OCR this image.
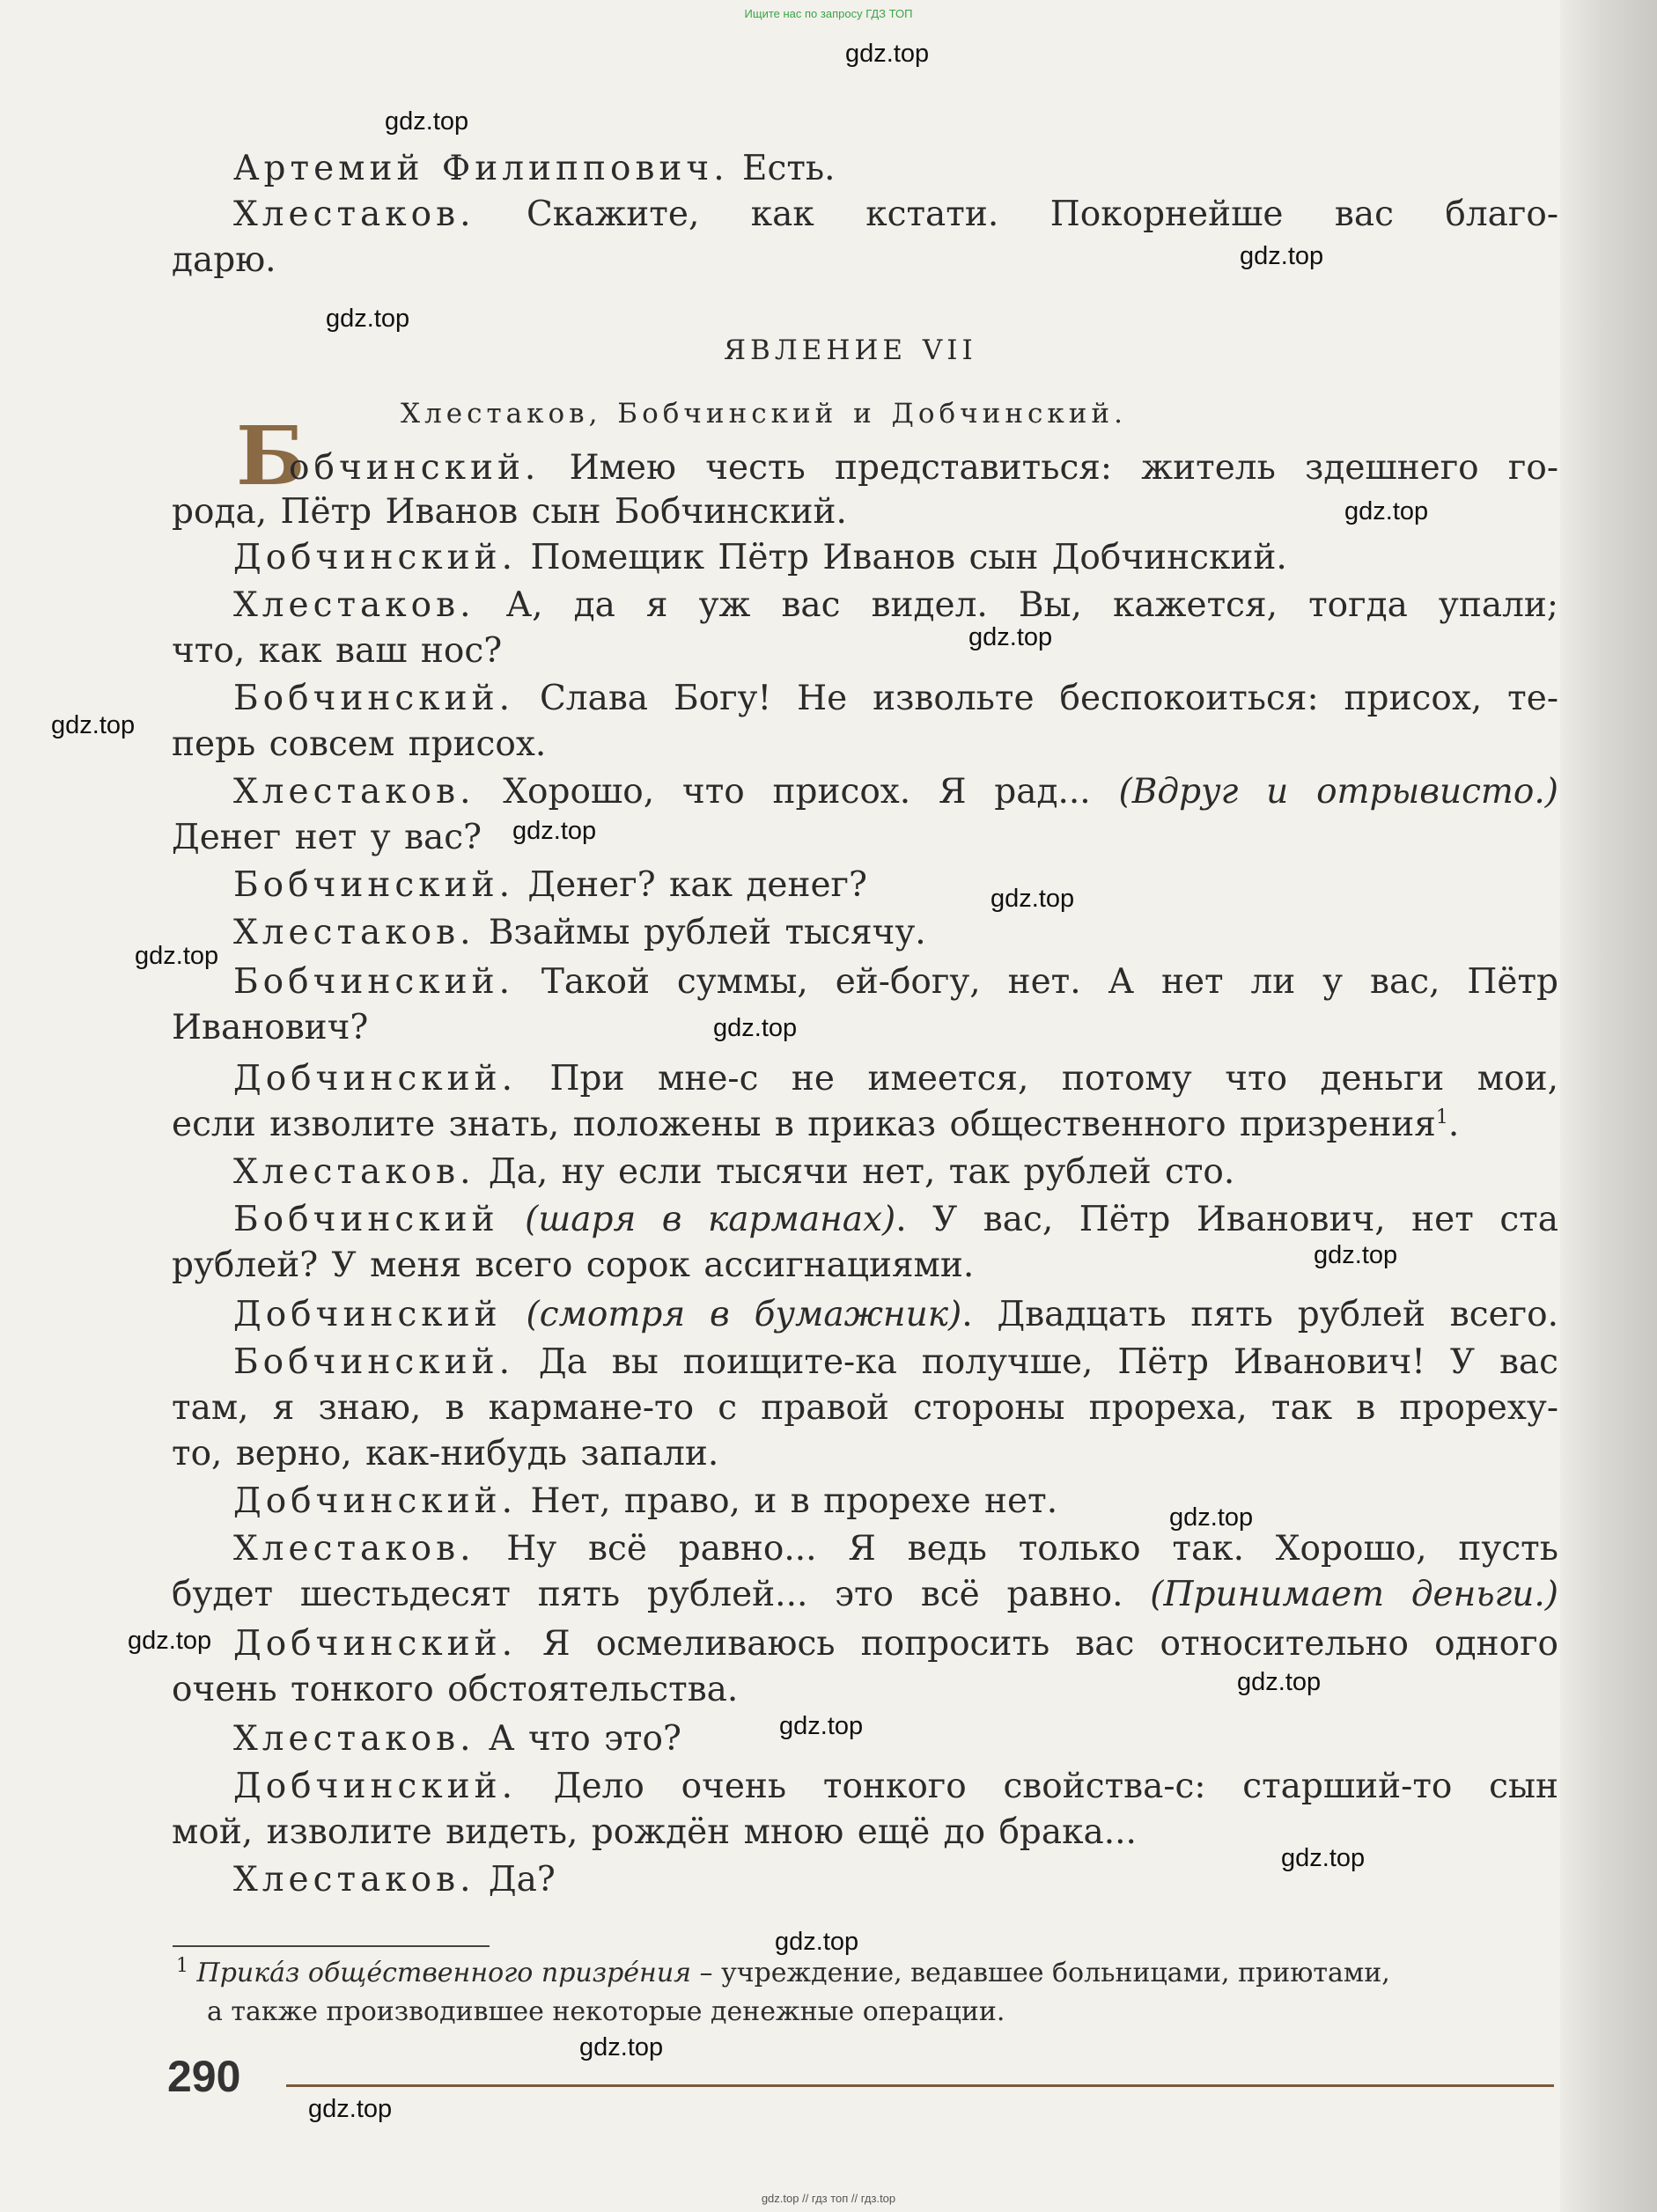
Ищите нас по запросу ГДЗ ТОП
gdz.top
gdz.top
gdz.top
gdz.top
gdz.top
gdz.top
gdz.top
gdz.top
gdz.top
gdz.top
gdz.top
gdz.top
gdz.top
gdz.top
gdz.top
gdz.top
gdz.top
gdz.top
gdz.top
gdz.top
Артемий Филиппович. Есть.
Хлестаков. Скажите, как кстати. Покорнейше вас благо-
дарю.
ЯВЛЕНИЕ VII
Хлестаков, Бобчинский и Добчинский.
Б
обчинский. Имею честь представиться: житель здешнего го-
рода, Пётр Иванов сын Бобчинский.
Добчинский. Помещик Пётр Иванов сын Добчинский.
Хлестаков. А, да я уж вас видел. Вы, кажется, тогда упали;
что, как ваш нос?
Бобчинский. Слава Богу! Не извольте беспокоиться: присох, те-
перь совсем присох.
Хлестаков. Хорошо, что присох. Я рад... (Вдруг и отрывисто.)
Денег нет у вас?
Бобчинский. Денег? как денег?
Хлестаков. Взаймы рублей тысячу.
Бобчинский. Такой суммы, ей-богу, нет. А нет ли у вас, Пётр
Иванович?
Добчинский. При мне-с не имеется, потому что деньги мои,
если изволите знать, положены в приказ общественного призрения$^1$.
Хлестаков. Да, ну если тысячи нет, так рублей сто.
Бобчинский (шаря в карманах). У вас, Пётр Иванович, нет ста
рублей? У меня всего сорок ассигнациями.
Добчинский (смотря в бумажник). Двадцать пять рублей всего.
Бобчинский. Да вы поищите-ка получше, Пётр Иванович! У вас
там, я знаю, в кармане-то с правой стороны прореха, так в прореху-
то, верно, как-нибудь запали.
Добчинский. Нет, право, и в прорехе нет.
Хлестаков. Ну всё равно... Я ведь только так. Хорошо, пусть
будет шестьдесят пять рублей... это всё равно. (Принимает деньги.)
Добчинский. Я осмеливаюсь попросить вас относительно одного
очень тонкого обстоятельства.
Хлестаков. А что это?
Добчинский. Дело очень тонкого свойства-с: старший-то сын
мой, изволите видеть, рождён мною ещё до брака...
Хлестаков. Да?
$^1$ Прика́з обще́ственного призре́ния – учреждение, ведавшее больницами, приютами,
а также производившее некоторые денежные операции.
290
gdz.top // гдз топ // гдз.top
